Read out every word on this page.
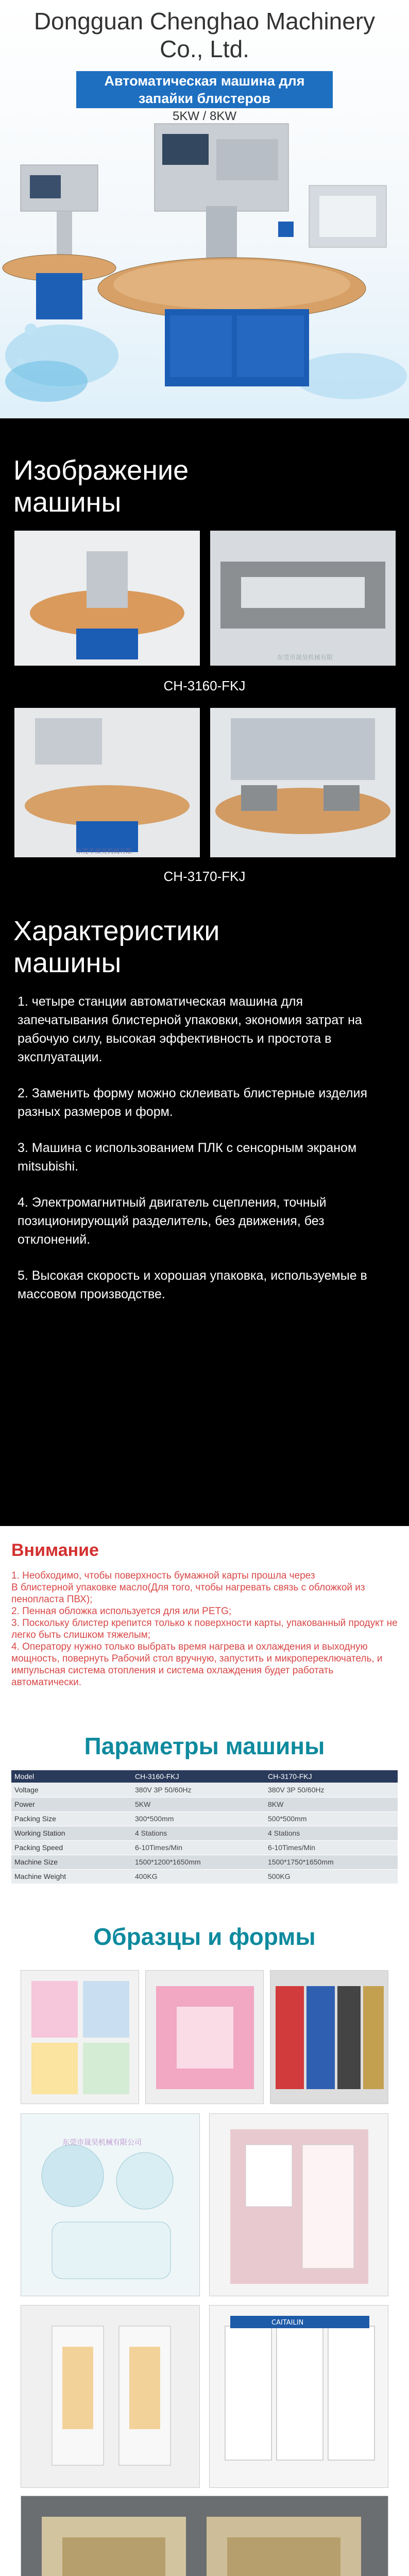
Dongguan Chenghao Machinery
Co., Ltd.
Автоматическая машина для
запайки блистеров
5KW / 8KW
Изображение
машины
东莞市晟昊机械有限
CH-3160-FKJ
东莞市晟昊机械有限
CH-3170-FKJ
Характеристики
машины

1. четыре станции автоматическая машина для запечатывания блистерной упаковки, экономия затрат на рабочую силу, высокая эффективность и простота в эксплуатации.

2. Заменить форму можно склеивать блистерные изделия разных размеров и форм.

3. Машина с использованием ПЛК с сенсорным экраном mitsubishi.

4. Электромагнитный двигатель сцепления, точный позиционирующий разделитель, без движения, без отклонений.

5. Высокая скорость и хорошая упаковка, используемые в массовом производстве.

Внимание

1. Необходимо, чтобы поверхность бумажной карты прошла через

В блистерной упаковке масло(Для того, чтобы нагревать связь с обложкой из пенопласта ПВХ);

2. Пенная обложка используется для или PETG;

3. Поскольку блистер крепится только к поверхности карты, упакованный продукт не легко быть слишком тяжелым;

4. Оператору нужно только выбрать время нагрева и охлаждения и выходную мощность, повернуть Рабочий стол вручную, запустить и микропереключатель, и импульсная система отопления и система охлаждения будет работать автоматически.

Параметры машины
Model	CH-3160-FKJ	CH-3170-FKJ
Voltage	380V 3P 50/60Hz	380V 3P 50/60Hz
Power	5KW	8KW
Packing Size	300*500mm	500*500mm
Working Station	4 Stations	4 Stations
Packing Speed	6-10Times/Min	6-10Times/Min
Machine Size	1500*1200*1650mm	1500*1750*1650mm
Machine Weight	400KG	500KG
Образцы и формы
东莞市晟昊机械有限公司
CAITAILIN
